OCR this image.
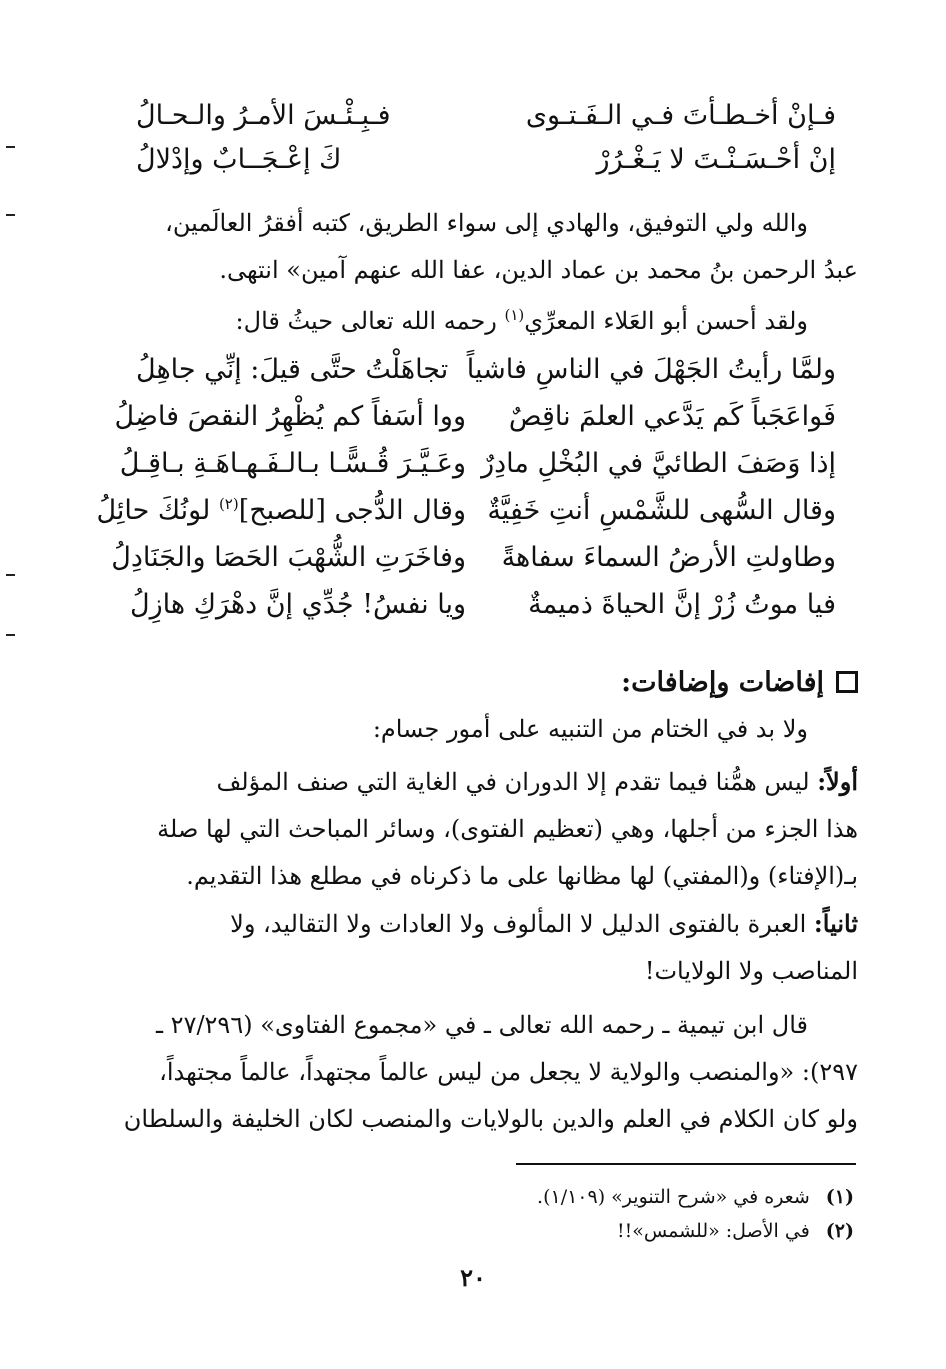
فـإنْ أخـطـأتَ فـي الـفَـتـوى
فـبِـئْـسَ الأمـرُ والـحـالُ
إنْ أحْـسَـنْـتَ لا يَـغْـرُرْ
كَ إعْـجَــابٌ وإدْلالُ
والله ولي التوفيق، والهادي إلى سواء الطريق، كتبه أفقرُ العالَمين،
عبدُ الرحمن بنُ محمد بن عماد الدين، عفا الله عنهم آمين» انتهى.
ولقد أحسن أبو العَلاء المعرِّي$^{(١)}$ رحمه الله تعالى حيثُ قال:
ولمَّا رأيتُ الجَهْلَ في الناسِ فاشياً
تجاهَلْتُ حتَّى قيلَ: إنِّي جاهِلُ
فَواعَجَباً كَم يَدَّعي العلمَ ناقِصٌ
ووا أسَفاً كم يُظْهِرُ النقصَ فاضِلُ
إذا وَصَفَ الطائيَّ في البُخْلِ مادِرٌ
وعَـيَّـرَ قُـسًّـا بـالـفَـهـاهَـةِ بـاقِـلُ
وقال السُّهى للشَّمْسِ أنتِ خَفِيَّةٌ
وقال الدُّجى [للصبح]$^{(٢)}$ لونُكَ حائِلُ
وطاولتِ الأرضُ السماءَ سفاهةً
وفاخَرَتِ الشُّهْبَ الحَصَا والجَنَادِلُ
فيا موتُ زُرْ إنَّ الحياةَ ذميمةٌ
ويا نفسُ! جُدِّي إنَّ دهْرَكِ هازِلُ
إفاضات وإضافات:
ولا بد في الختام من التنبيه على أمور جسام:
أولاً: ليس همُّنا فيما تقدم إلا الدوران في الغاية التي صنف المؤلف
هذا الجزء من أجلها، وهي (تعظيم الفتوى)، وسائر المباحث التي لها صلة
بـ(الإفتاء) و(المفتي) لها مظانها على ما ذكرناه في مطلع هذا التقديم.
ثانياً: العبرة بالفتوى الدليل لا المألوف ولا العادات ولا التقاليد، ولا
المناصب ولا الولايات!
قال ابن تيمية ـ رحمه الله تعالى ـ في «مجموع الفتاوى» (٢٧/٢٩٦ ـ
٢٩٧): «والمنصب والولاية لا يجعل من ليس عالماً مجتهداً، عالماً مجتهداً،
ولو كان الكلام في العلم والدين بالولايات والمنصب لكان الخليفة والسلطان
(١)
شعره في «شرح التنوير» (١/١٠٩).
(٢)
في الأصل: «للشمس»!!
٢٠
